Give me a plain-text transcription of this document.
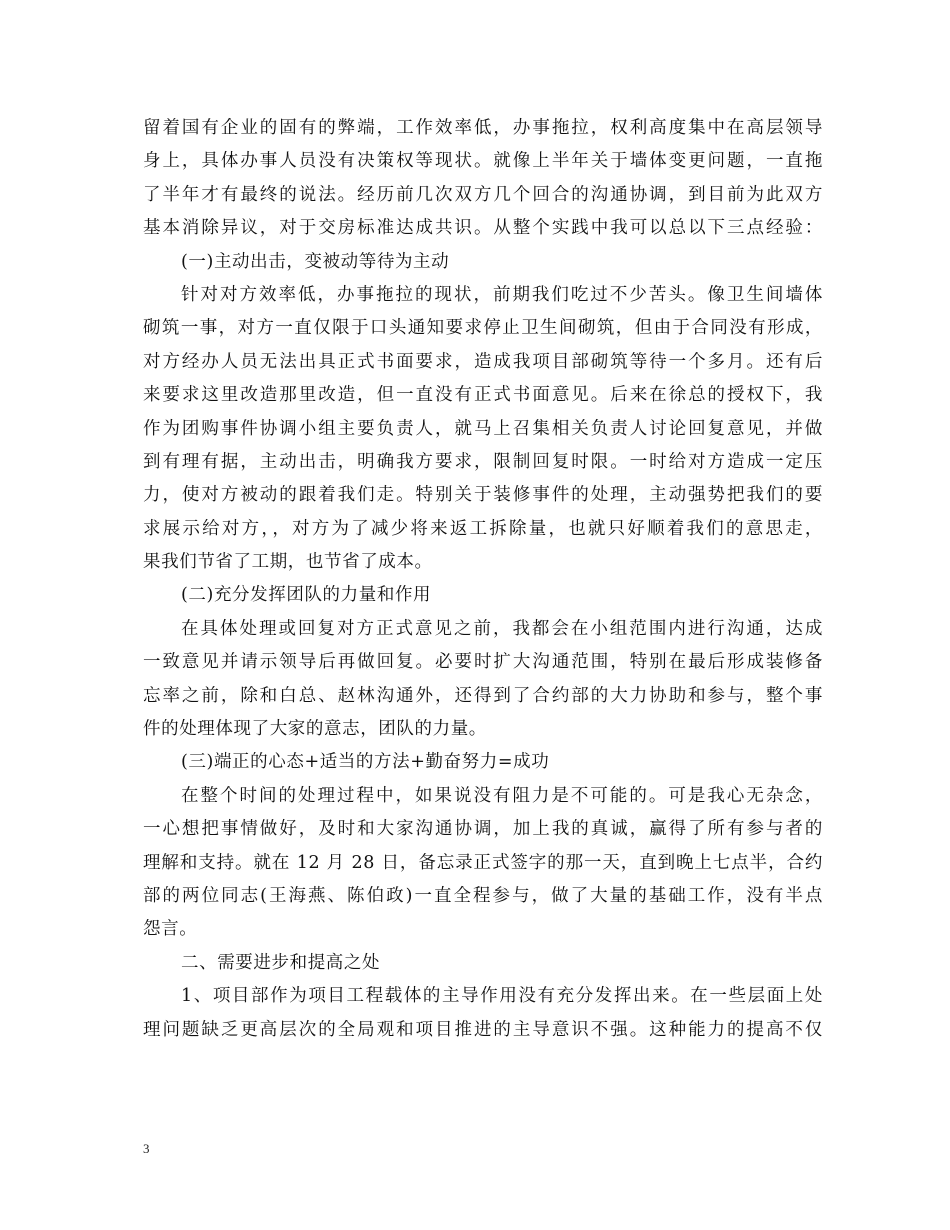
留着国有企业的固有的弊端，工作效率低，办事拖拉，权利高度集中在高层领导
身上，具体办事人员没有决策权等现状。就像上半年关于墙体变更问题，一直拖
了半年才有最终的说法。经历前几次双方几个回合的沟通协调，到目前为此双方
基本消除异议，对于交房标准达成共识。从整个实践中我可以总以下三点经验：
(一)主动出击，变被动等待为主动
针对对方效率低，办事拖拉的现状，前期我们吃过不少苦头。像卫生间墙体
砌筑一事，对方一直仅限于口头通知要求停止卫生间砌筑，但由于合同没有形成，
对方经办人员无法出具正式书面要求，造成我项目部砌筑等待一个多月。还有后
来要求这里改造那里改造，但一直没有正式书面意见。后来在徐总的授权下，我
作为团购事件协调小组主要负责人，就马上召集相关负责人讨论回复意见，并做
到有理有据，主动出击，明确我方要求，限制回复时限。一时给对方造成一定压
力，使对方被动的跟着我们走。特别关于装修事件的处理，主动强势把我们的要
求展示给对方，，对方为了减少将来返工拆除量，也就只好顺着我们的意思走，
果我们节省了工期，也节省了成本。
(二)充分发挥团队的力量和作用
在具体处理或回复对方正式意见之前，我都会在小组范围内进行沟通，达成
一致意见并请示领导后再做回复。必要时扩大沟通范围，特别在最后形成装修备
忘率之前，除和白总、赵林沟通外，还得到了合约部的大力协助和参与，整个事
件的处理体现了大家的意志，团队的力量。
(三)端正的心态+适当的方法+勤奋努力=成功
在整个时间的处理过程中，如果说没有阻力是不可能的。可是我心无杂念，
一心想把事情做好，及时和大家沟通协调，加上我的真诚，赢得了所有参与者的
理解和支持。就在 12 月 28 日，备忘录正式签字的那一天，直到晚上七点半，合约
部的两位同志(王海燕、陈伯政)一直全程参与，做了大量的基础工作，没有半点
怨言。
二、需要进步和提高之处
1、项目部作为项目工程载体的主导作用没有充分发挥出来。在一些层面上处
理问题缺乏更高层次的全局观和项目推进的主导意识不强。这种能力的提高不仅
3
